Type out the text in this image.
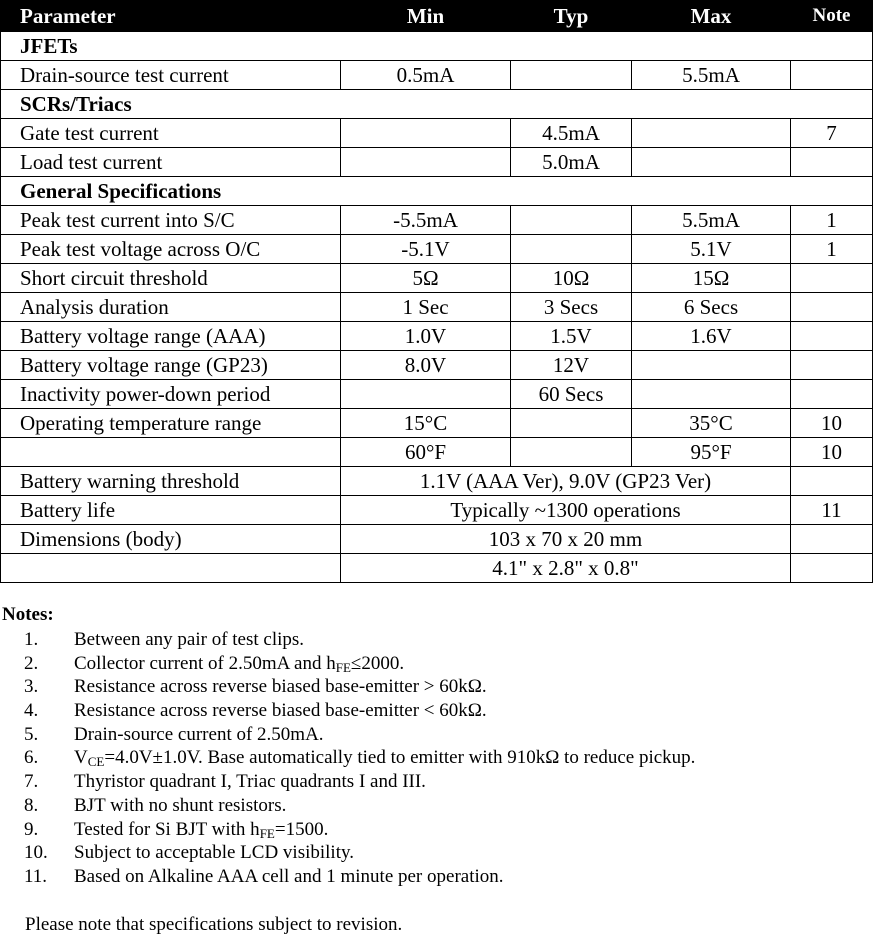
Parameter	Min	Typ	Max	Note
JFETs				
Drain-source test current	0.5mA		5.5mA	
SCRs/Triacs				
Gate test current		4.5mA		7
Load test current		5.0mA		
General Specifications				
Peak test current into S/C	-5.5mA		5.5mA	1
Peak test voltage across O/C	-5.1V		5.1V	1
Short circuit threshold	5Ω	10Ω	15Ω	
Analysis duration	1 Sec	3 Secs	6 Secs	
Battery voltage range (AAA)	1.0V	1.5V	1.6V	
Battery voltage range (GP23)	8.0V	12V		
Inactivity power-down period		60 Secs		
Operating temperature range	15°C		35°C	10
	60°F		95°F	10
Battery warning threshold	1.1V (AAA Ver), 9.0V (GP23 Ver)			
Battery life	Typically ~1300 operations			11
Dimensions (body)	103 x 70 x 20 mm			
	4.1" x 2.8" x 0.8"			
Notes:
1.	Between any pair of test clips.
2.	Collector current of 2.50mA and $h_{FE}\le 2000$.
3.	Resistance across reverse biased base-emitter > 60kΩ.
4.	Resistance across reverse biased base-emitter < 60kΩ.
5.	Drain-source current of 2.50mA.
6.	$V_{CE}=4.0V\pm 1.0V$. Base automatically tied to emitter with 910kΩ to reduce pickup.
7.	Thyristor quadrant I, Triac quadrants I and III.
8.	BJT with no shunt resistors.
9.	Tested for Si BJT with $h_{FE}=1500$.
10.	Subject to acceptable LCD visibility.
11.	Based on Alkaline AAA cell and 1 minute per operation.
Please note that specifications subject to revision.
